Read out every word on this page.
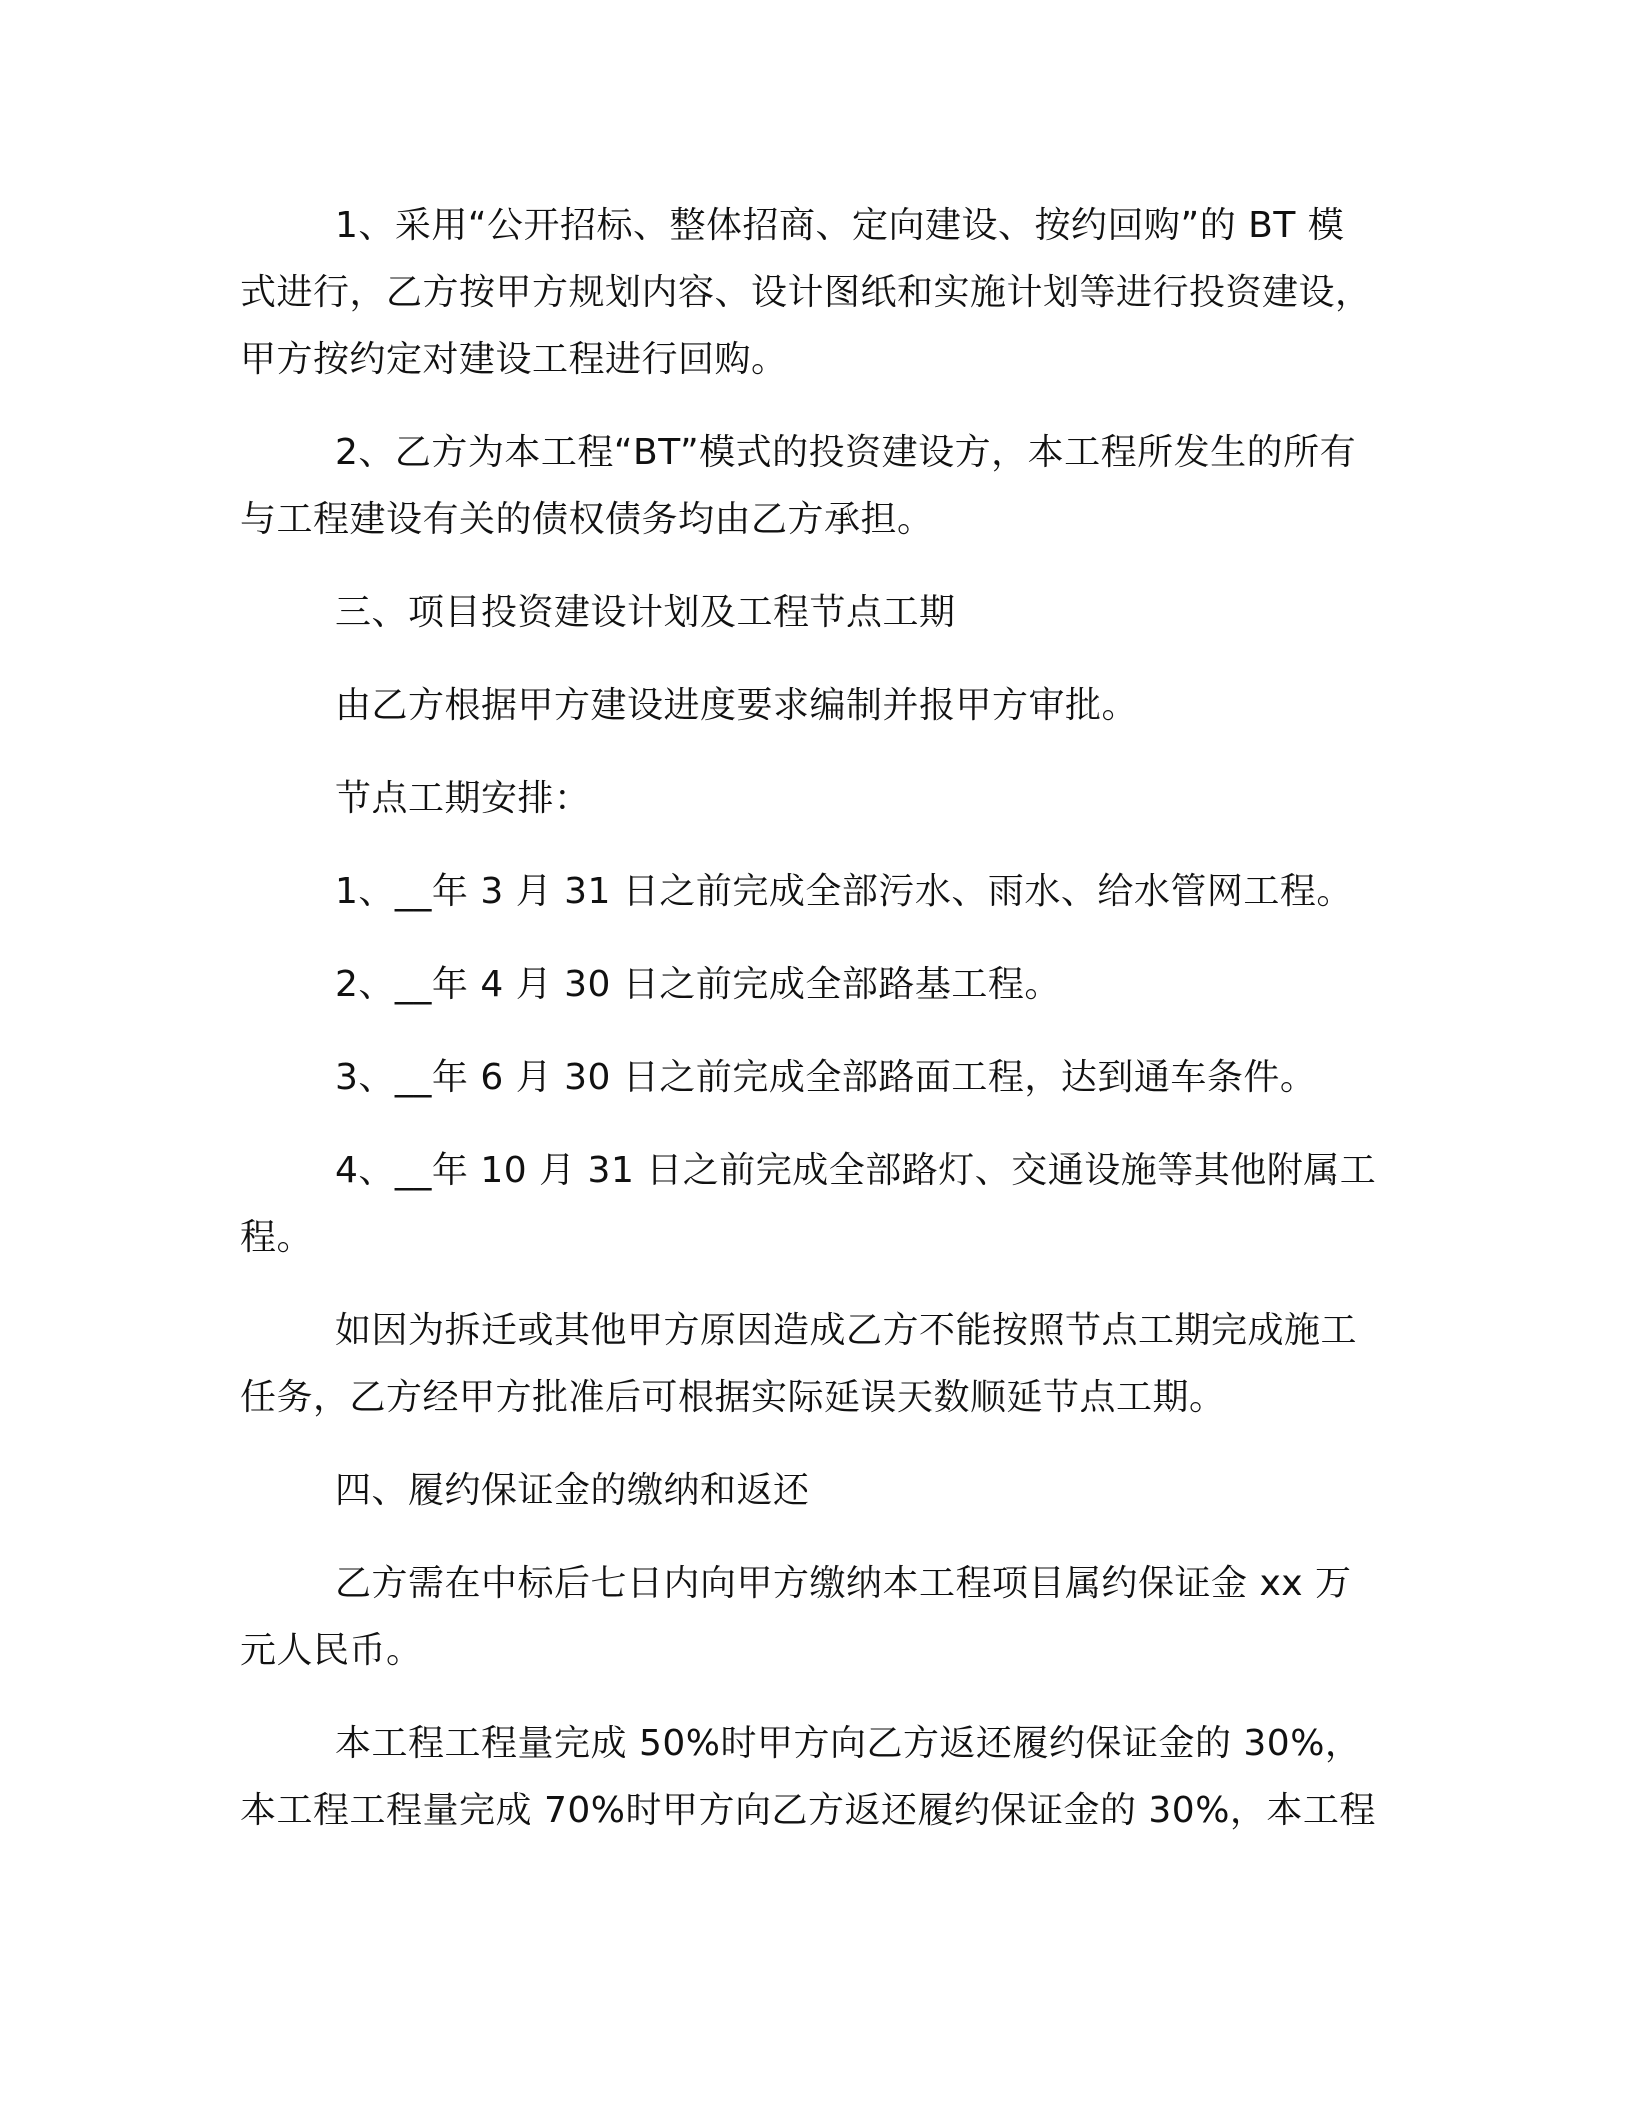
1、采用“公开招标、整体招商、定向建设、按约回购”的 BT 模式进行，乙方按甲方规划内容、设计图纸和实施计划等进行投资建设，甲方按约定对建设工程进行回购。

2、乙方为本工程“BT”模式的投资建设方，本工程所发生的所有与工程建设有关的债权债务均由乙方承担。

三、项目投资建设计划及工程节点工期

由乙方根据甲方建设进度要求编制并报甲方审批。

节点工期安排：

1、__年 3 月 31 日之前完成全部污水、雨水、给水管网工程。

2、__年 4 月 30 日之前完成全部路基工程。

3、__年 6 月 30 日之前完成全部路面工程，达到通车条件。

4、__年 10 月 31 日之前完成全部路灯、交通设施等其他附属工程。

如因为拆迁或其他甲方原因造成乙方不能按照节点工期完成施工任务，乙方经甲方批准后可根据实际延误天数顺延节点工期。

四、履约保证金的缴纳和返还

乙方需在中标后七日内向甲方缴纳本工程项目属约保证金 xx 万元人民币。

本工程工程量完成 50%时甲方向乙方返还履约保证金的 30%，本工程工程量完成 70%时甲方向乙方返还履约保证金的 30%，本工程
